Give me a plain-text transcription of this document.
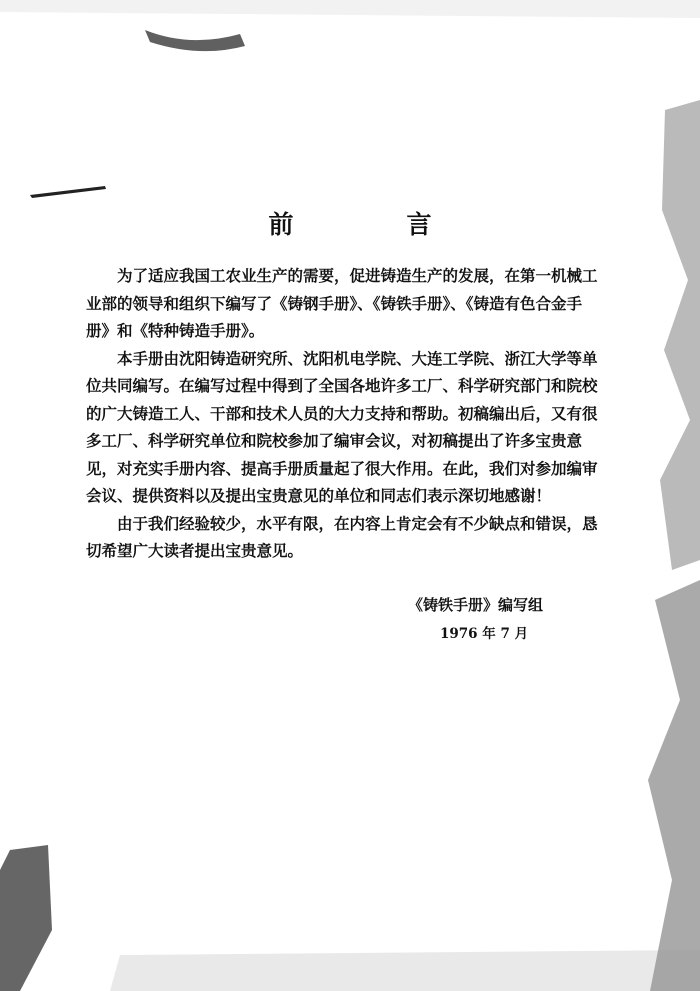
前　言

为了适应我国工农业生产的需要，促进铸造生产的发展，在第一机械工业部的领导和组织下编写了《铸钢手册》、《铸铁手册》、《铸造有色合金手册》和《特种铸造手册》。

本手册由沈阳铸造研究所、沈阳机电学院、大连工学院、浙江大学等单位共同编写。在编写过程中得到了全国各地许多工厂、科学研究部门和院校的广大铸造工人、干部和技术人员的大力支持和帮助。初稿编出后，又有很多工厂、科学研究单位和院校参加了编审会议，对初稿提出了许多宝贵意见，对充实手册内容、提高手册质量起了很大作用。在此，我们对参加编审会议、提供资料以及提出宝贵意见的单位和同志们表示深切地感谢！

由于我们经验较少，水平有限，在内容上肯定会有不少缺点和错误，恳切希望广大读者提出宝贵意见。

《铸铁手册》编写组
1976 年 7 月
